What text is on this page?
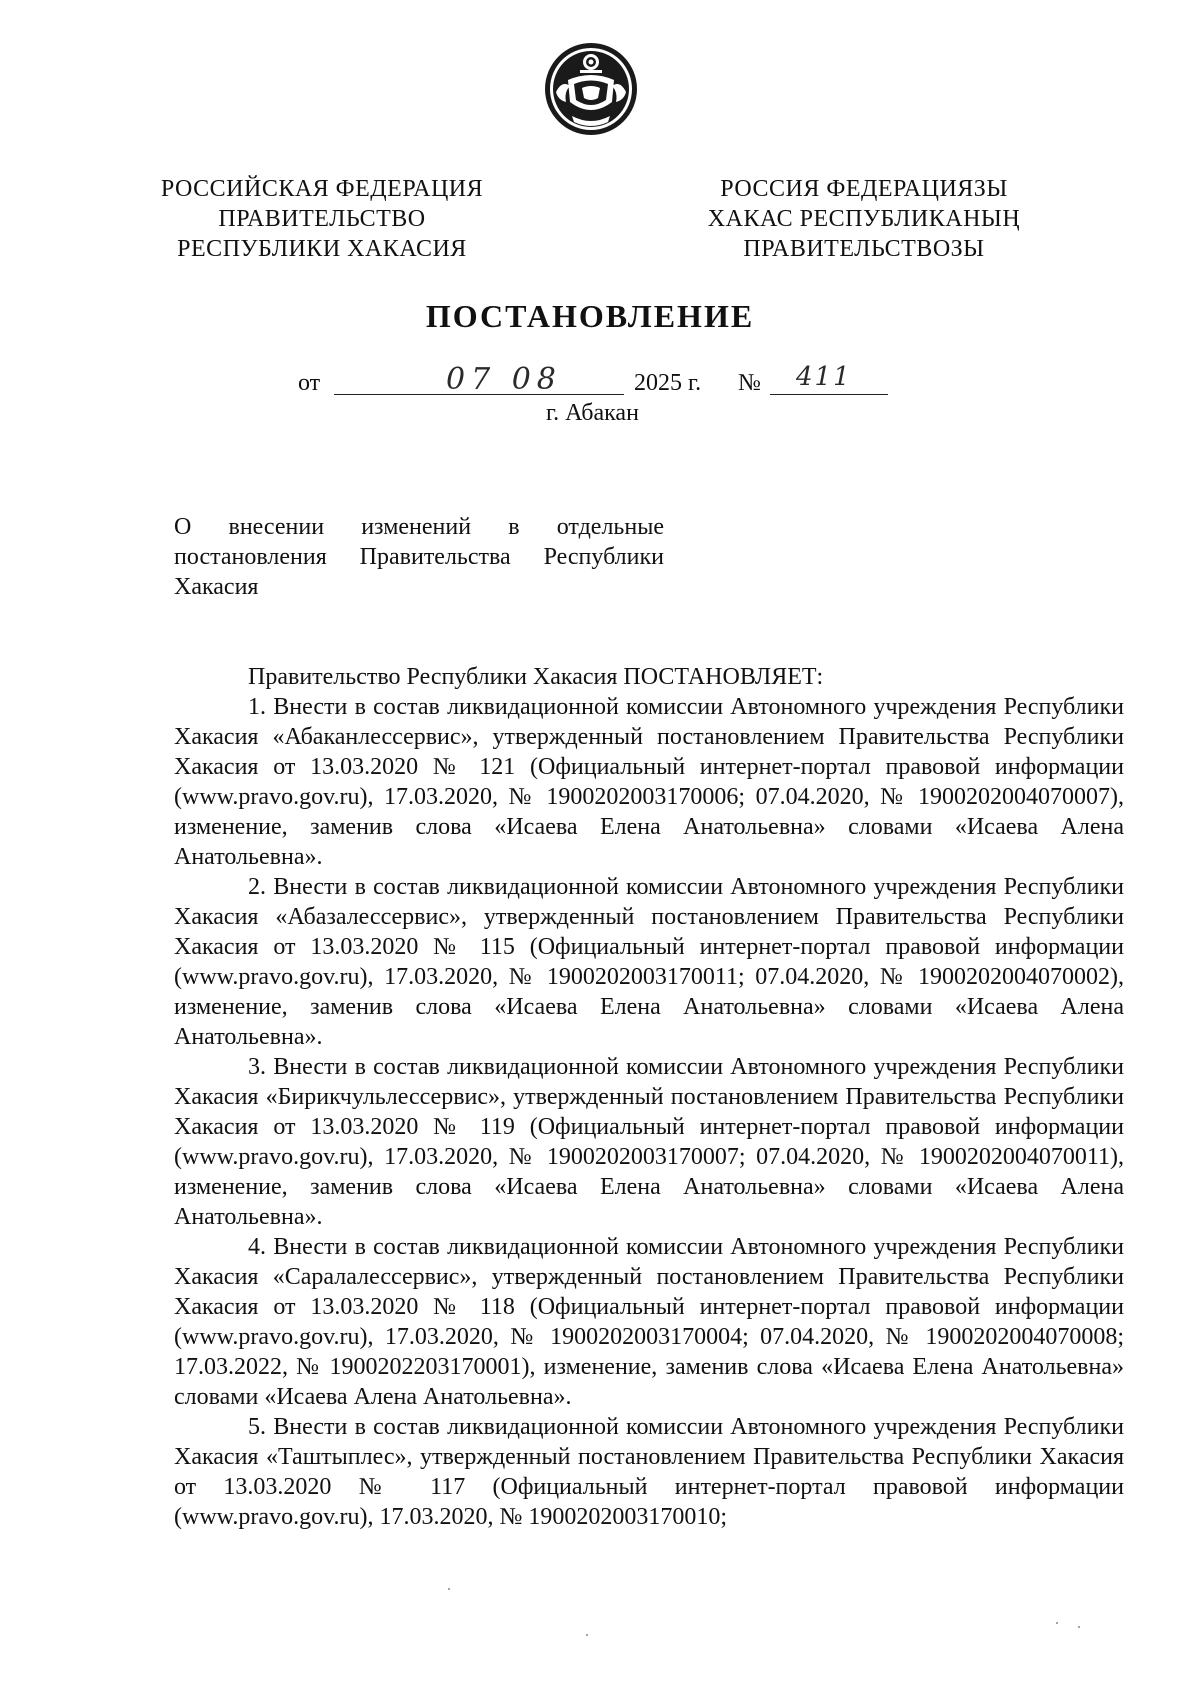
РОССИЙСКАЯ ФЕДЕРАЦИЯ
ПРАВИТЕЛЬСТВО
РЕСПУБЛИКИ ХАКАСИЯ
РОССИЯ ФЕДЕРАЦИЯЗЫ
ХАКАС РЕСПУБЛИКАНЫҢ
ПРАВИТЕЛЬСТВОЗЫ
ПОСТАНОВЛЕНИЕ
от	07 08	2025 г. № 411
г. Абакан
О внесении изменений в отдельные постановления Правительства Республики Хакасия

Правительство Республики Хакасия ПОСТАНОВЛЯЕТ:

1. Внести в состав ликвидационной комиссии Автономного учреждения Республики Хакасия «Абаканлессервис», утвержденный постановлением Правительства Республики Хакасия от 13.03.2020 № 121 (Официальный интернет-портал правовой информации (www.pravo.gov.ru), 17.03.2020, № 1900202003170006; 07.04.2020, № 1900202004070007), изменение, заменив слова «Исаева Елена Анатольевна» словами «Исаева Алена Анатольевна».

2. Внести в состав ликвидационной комиссии Автономного учреждения Республики Хакасия «Абазалессервис», утвержденный постановлением Правительства Республики Хакасия от 13.03.2020 № 115 (Официальный интернет-портал правовой информации (www.pravo.gov.ru), 17.03.2020, № 1900202003170011; 07.04.2020, № 1900202004070002), изменение, заменив слова «Исаева Елена Анатольевна» словами «Исаева Алена Анатольевна».

3. Внести в состав ликвидационной комиссии Автономного учреждения Республики Хакасия «Бирикчульлессервис», утвержденный постановлением Правительства Республики Хакасия от 13.03.2020 № 119 (Официальный интернет-портал правовой информации (www.pravo.gov.ru), 17.03.2020, № 1900202003170007; 07.04.2020, № 1900202004070011), изменение, заменив слова «Исаева Елена Анатольевна» словами «Исаева Алена Анатольевна».

4. Внести в состав ликвидационной комиссии Автономного учреждения Республики Хакасия «Саралалессервис», утвержденный постановлением Правительства Республики Хакасия от 13.03.2020 № 118 (Официальный интернет-портал правовой информации (www.pravo.gov.ru), 17.03.2020, № 1900202003170004; 07.04.2020, № 1900202004070008; 17.03.2022, № 1900202203170001), изменение, заменив слова «Исаева Елена Анатольевна» словами «Исаева Алена Анатольевна».

5. Внести в состав ликвидационной комиссии Автономного учреждения Республики Хакасия «Таштыплес», утвержденный постановлением Правительства Республики Хакасия от 13.03.2020 № 117 (Официальный интернет-портал правовой информации (www.pravo.gov.ru), 17.03.2020, № 1900202003170010;
